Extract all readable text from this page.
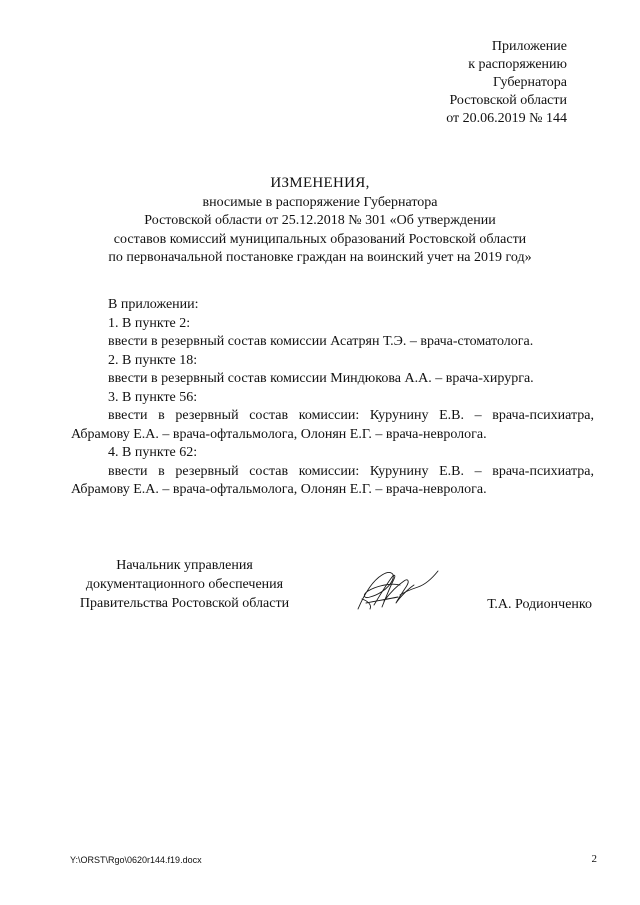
Приложение
к распоряжению
Губернатора
Ростовской области
от 20.06.2019 № 144
ИЗМЕНЕНИЯ,
вносимые в распоряжение Губернатора
Ростовской области от 25.12.2018 № 301 «Об утверждении
составов комиссий муниципальных образований Ростовской области
по первоначальной постановке граждан на воинский учет на 2019 год»
В приложении:
1. В пункте 2:
ввести в резервный состав комиссии Асатрян Т.Э. – врача-стоматолога.
2. В пункте 18:
ввести в резервный состав комиссии Миндюкова А.А. – врача-хирурга.
3. В пункте 56:
ввести в резервный состав комиссии: Курунину Е.В. – врача-психиатра, Абрамову Е.А. – врача-офтальмолога, Олонян Е.Г. – врача-невролога.
4. В пункте 62:
ввести в резервный состав комиссии: Курунину Е.В. – врача-психиатра, Абрамову Е.А. – врача-офтальмолога, Олонян Е.Г. – врача-невролога.
Начальник управления
документационного обеспечения
Правительства Ростовской области	Т.А. Родионченко
Y:\ORST\Rgo\0620r144.f19.docx	2
